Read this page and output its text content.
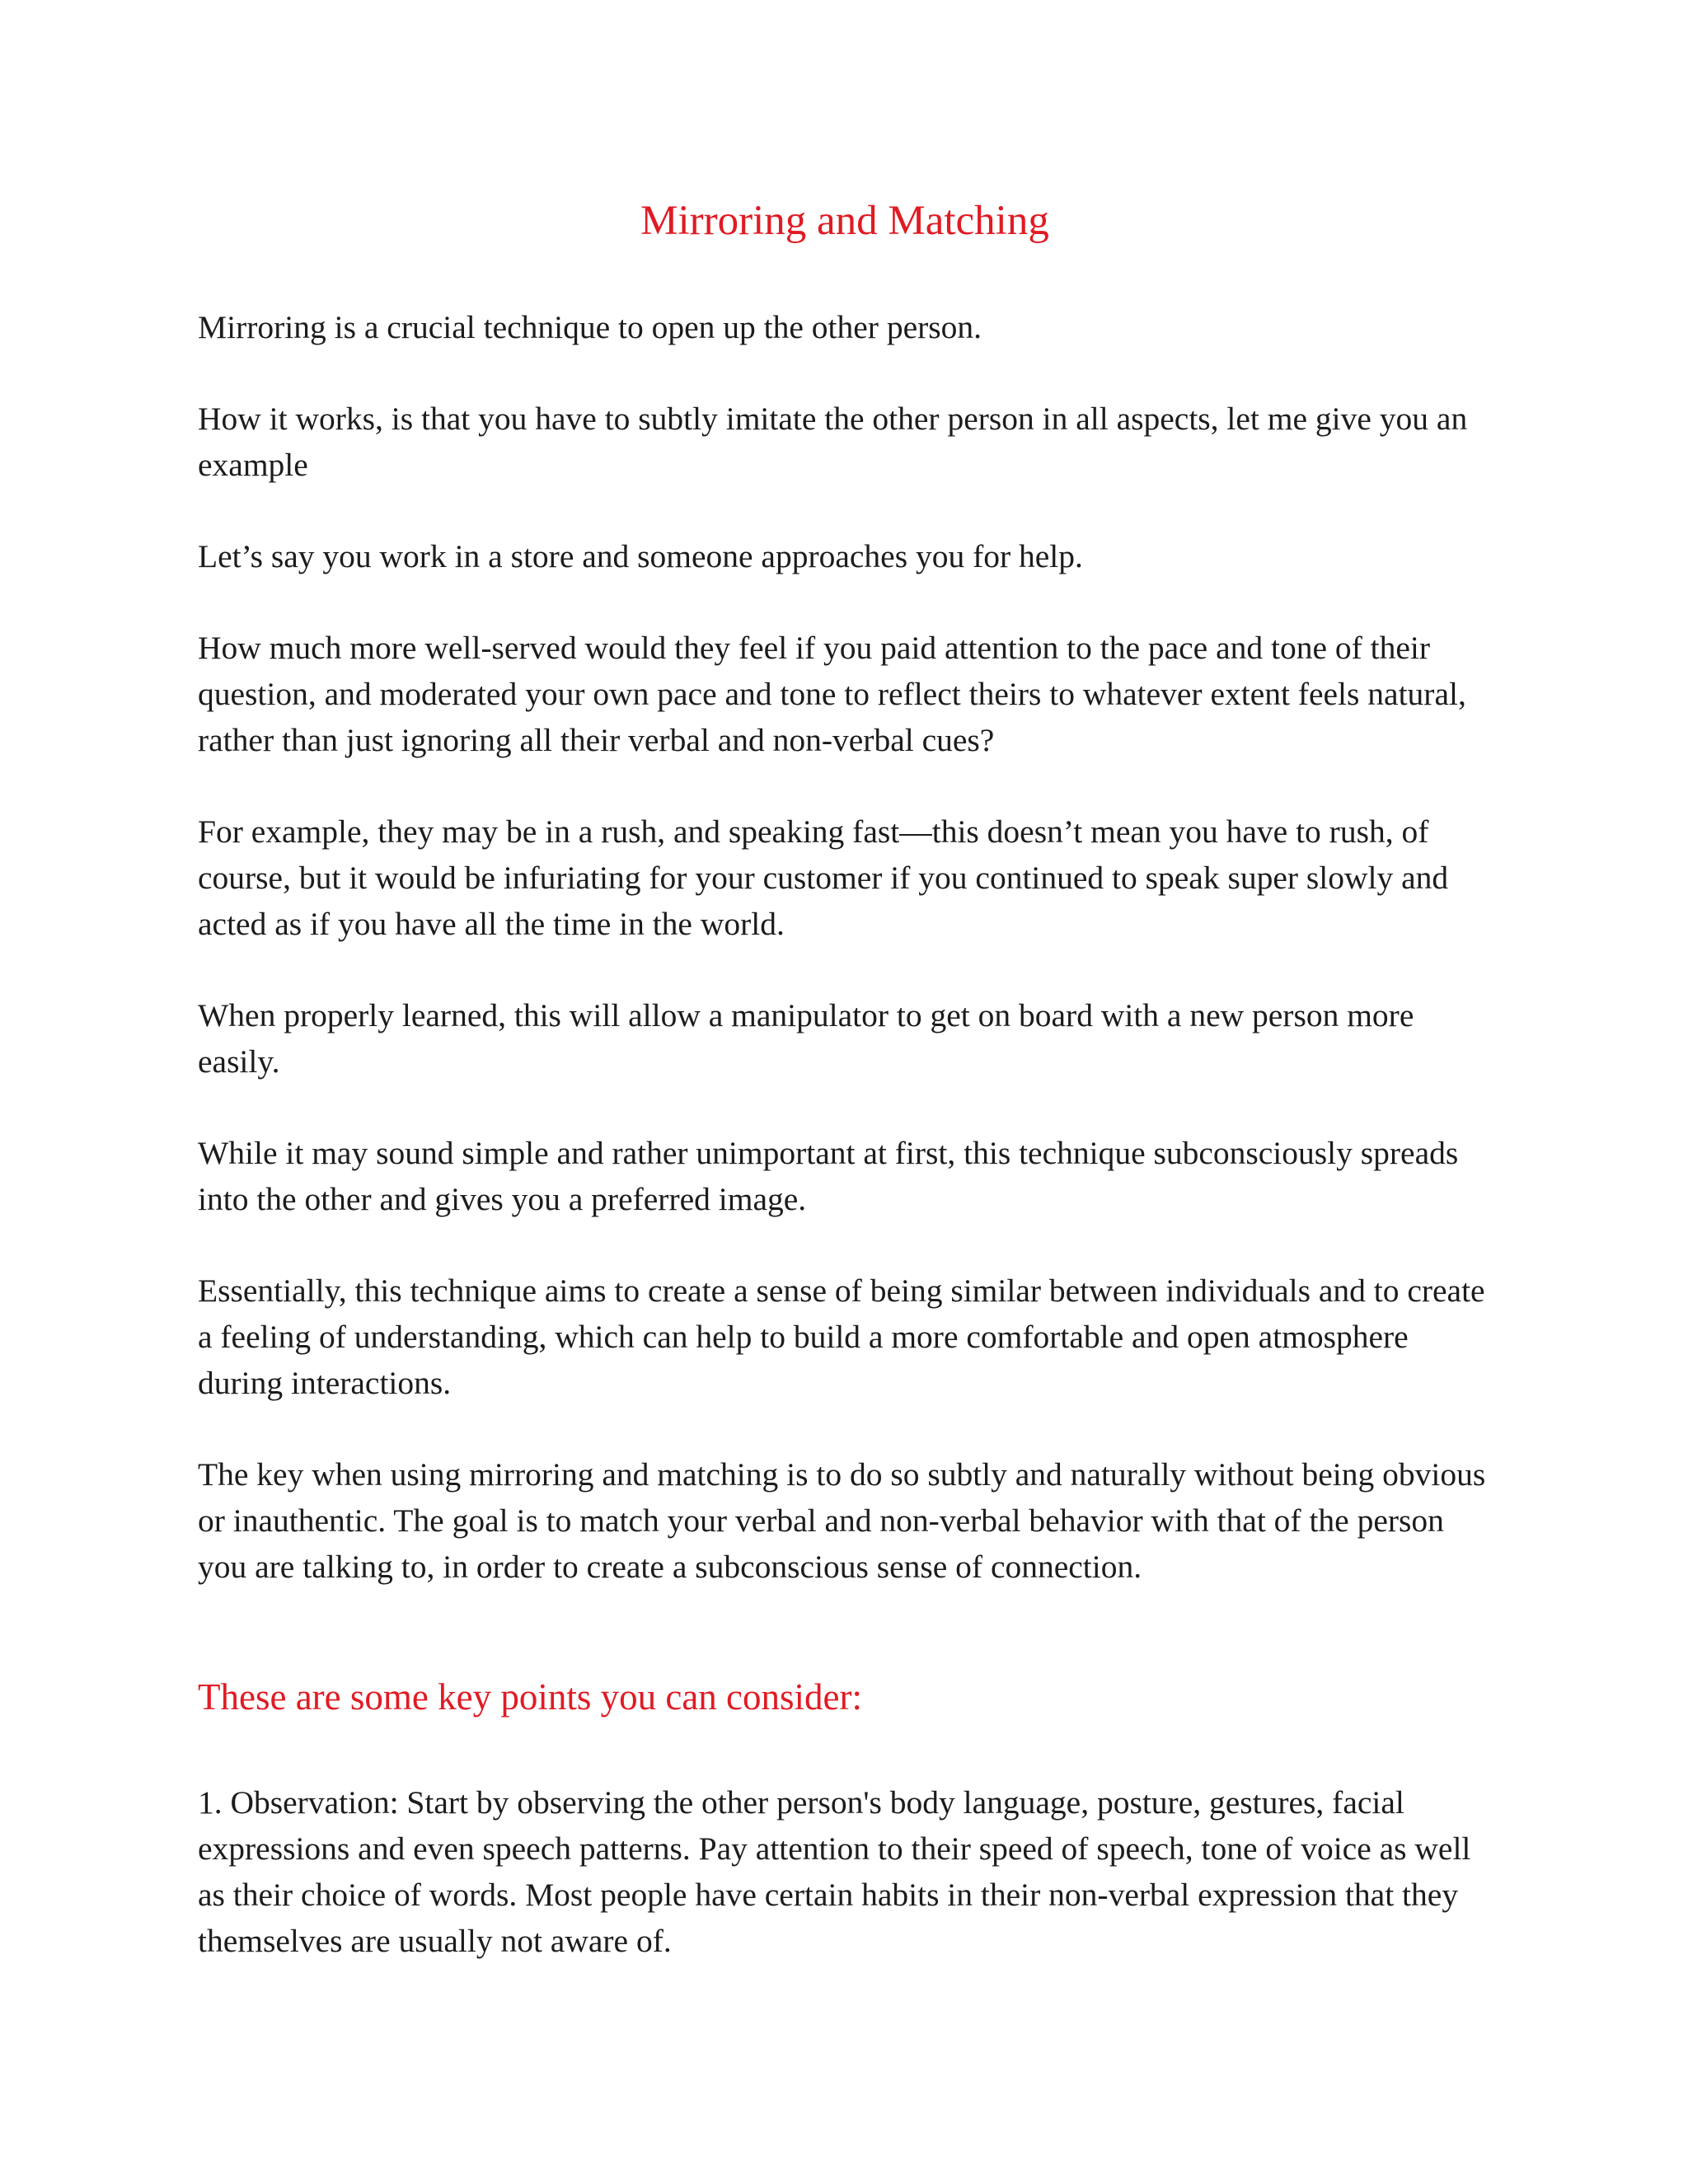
Mirroring and Matching

Mirroring is a crucial technique to open up the other person.

How it works, is that you have to subtly imitate the other person in all aspects, let me give you an example

Let’s say you work in a store and someone approaches you for help.

How much more well-served would they feel if you paid attention to the pace and tone of their question, and moderated your own pace and tone to reflect theirs to whatever extent feels natural, rather than just ignoring all their verbal and non-verbal cues?

For example, they may be in a rush, and speaking fast—this doesn’t mean you have to rush, of course, but it would be infuriating for your customer if you continued to speak super slowly and acted as if you have all the time in the world.

When properly learned, this will allow a manipulator to get on board with a new person more easily.

While it may sound simple and rather unimportant at first, this technique subconsciously spreads into the other and gives you a preferred image.

Essentially, this technique aims to create a sense of being similar between individuals and to create a feeling of understanding, which can help to build a more comfortable and open atmosphere during interactions.

The key when using mirroring and matching is to do so subtly and naturally without being obvious or inauthentic. The goal is to match your verbal and non-verbal behavior with that of the person you are talking to, in order to create a subconscious sense of connection.

These are some key points you can consider:

1. Observation: Start by observing the other person's body language, posture, gestures, facial expressions and even speech patterns. Pay attention to their speed of speech, tone of voice as well as their choice of words. Most people have certain habits in their non-verbal expression that they themselves are usually not aware of.
